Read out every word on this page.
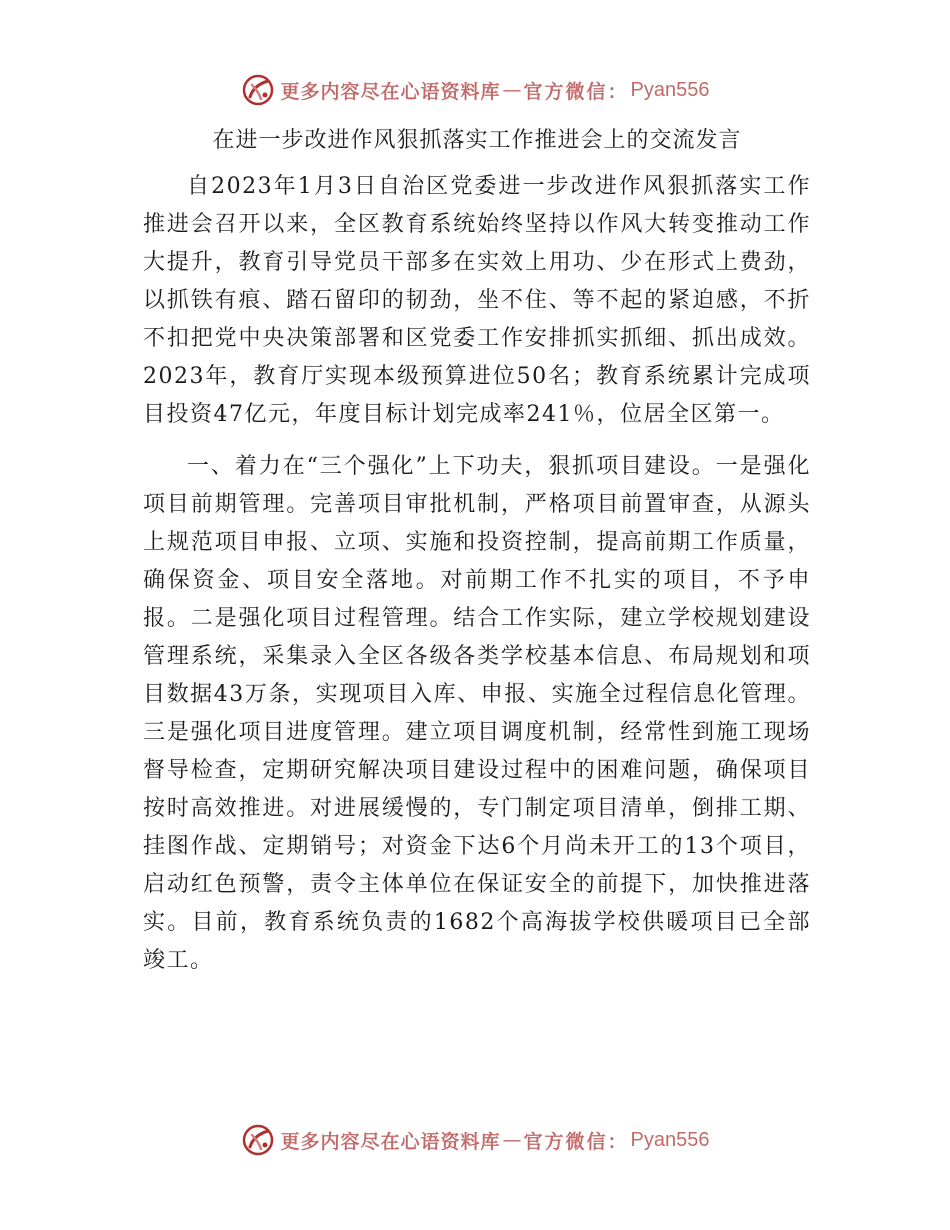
更多内容尽在心语资料库 — 官方微信： Pyan556
在进一步改进作风狠抓落实工作推进会上的交流发言

自2023年1月3日自治区党委进一步改进作风狠抓落实工作推进会召开以来，全区教育系统始终坚持以作风大转变推动工作大提升，教育引导党员干部多在实效上用功、少在形式上费劲，以抓铁有痕、踏石留印的韧劲，坐不住、等不起的紧迫感，不折不扣把党中央决策部署和区党委工作安排抓实抓细、抓出成效。2023年，教育厅实现本级预算进位50名；教育系统累计完成项目投资47亿元，年度目标计划完成率241％，位居全区第一。

一、着力在“三个强化”上下功夫，狠抓项目建设。一是强化项目前期管理。完善项目审批机制，严格项目前置审查，从源头上规范项目申报、立项、实施和投资控制，提高前期工作质量，确保资金、项目安全落地。对前期工作不扎实的项目，不予申报。二是强化项目过程管理。结合工作实际，建立学校规划建设管理系统，采集录入全区各级各类学校基本信息、布局规划和项目数据43万条，实现项目入库、申报、实施全过程信息化管理。三是强化项目进度管理。建立项目调度机制，经常性到施工现场督导检查，定期研究解决项目建设过程中的困难问题，确保项目按时高效推进。对进展缓慢的，专门制定项目清单，倒排工期、挂图作战、定期销号；对资金下达6个月尚未开工的13个项目，启动红色预警，责令主体单位在保证安全的前提下，加快推进落实。目前，教育系统负责的1682个高海拔学校供暖项目已全部竣工。

更多内容尽在心语资料库 — 官方微信： Pyan556
